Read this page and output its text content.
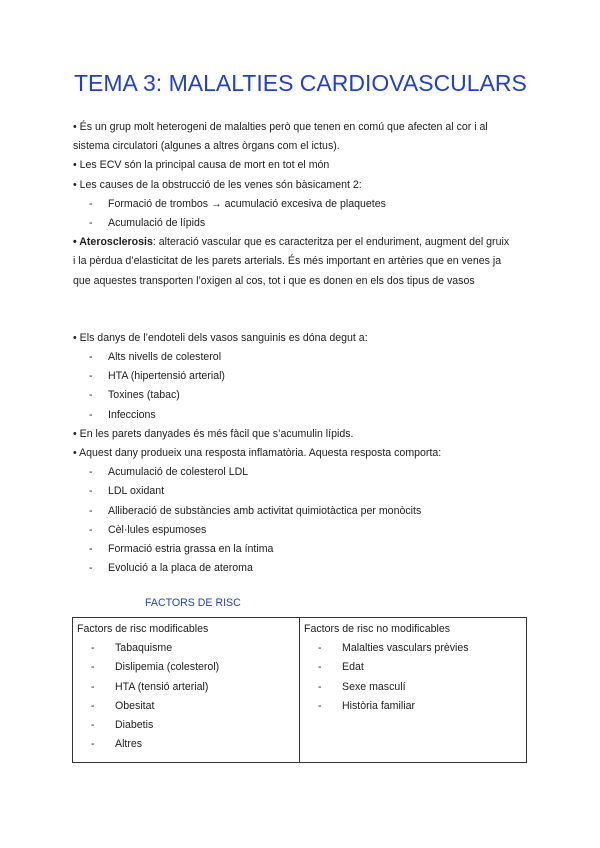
TEMA 3: MALALTIES CARDIOVASCULARS

• És un grup molt heterogeni de malalties però que tenen en comú que afecten al cor i al sistema circulatori (algunes a altres òrgans com el ictus).

• Les ECV són la principal causa de mort en tot el món

• Les causes de la obstrucció de les venes són bàsicament 2:

- Formació de trombos → acumulació excesiva de plaquetes

- Acumulació de lípids

• Aterosclerosis: alteració vascular que es caracteritza per el enduriment, augment del gruix i la pèrdua d’elasticitat de les parets arterials. És més important en artèries que en venes ja que aquestes transporten l’oxigen al cos, tot i que es donen en els dos tipus de vasos

• Els danys de l’endoteli dels vasos sanguinis es dóna degut a:

- Alts nivells de colesterol

- HTA (hipertensió arterial)

- Toxines (tabac)

- Infeccions

• En les parets danyades és més fàcil que s’acumulin lípids.

• Aquest dany produeix una resposta inflamatòria. Aquesta resposta comporta:

- Acumulació de colesterol LDL

- LDL oxidant

- Alliberació de substàncies amb activitat quimiotàctica per monòcits

- Cèl·lules espumoses

- Formació estria grassa en la íntima

- Evolució a la placa de ateroma

FACTORS DE RISC

Factors de risc modificables

- Tabaquisme

- Dislipemia (colesterol)

- HTA (tensió arterial)

- Obesitat

- Diabetis

- Altres

Factors de risc no modificables

- Malalties vasculars prèvies

- Edat

- Sexe masculí

- Història familiar
